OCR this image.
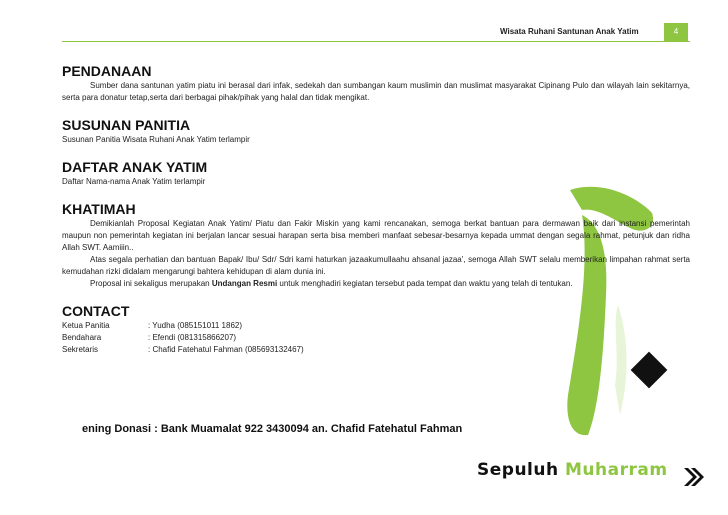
Wisata Ruhani Santunan Anak Yatim	4
PENDANAAN

Sumber dana santunan yatim piatu ini berasal dari infak, sedekah dan sumbangan kaum muslimin dan muslimat masyarakat Cipinang Pulo dan wilayah lain sekitarnya, serta para donatur tetap,serta dari berbagai pihak/pihak yang halal dan tidak mengikat.

SUSUNAN PANITIA

Susunan Panitia Wisata Ruhani Anak Yatim terlampir

DAFTAR ANAK YATIM

Daftar Nama-nama Anak Yatim terlampir

KHATIMAH

Demikianlah Proposal Kegiatan Anak Yatim/ Piatu dan Fakir Miskin yang kami rencanakan, semoga berkat bantuan para dermawan baik dari instansi pemerintah maupun non pemerintah kegiatan ini berjalan lancar sesuai harapan serta bisa memberi manfaat sebesar-besarnya kepada ummat dengan segala rahmat, petunjuk dan ridha Allah SWT. Aamiiin..

Atas segala perhatian dan bantuan Bapak/ Ibu/ Sdr/ Sdri kami haturkan jazaakumullaahu ahsanal jazaa', semoga Allah SWT selalu memberikan limpahan rahmat serta kemudahan rizki didalam mengarungi bahtera kehidupan di alam dunia ini.

Proposal ini sekaligus merupakan Undangan Resmi untuk menghadiri kegiatan tersebut pada tempat dan waktu yang telah di tentukan.

CONTACT
Ketua Panitia	: Yudha (085151011 1862)
Bendahara	: Efendi (081315866207)
Sekretaris	: Chafid Fatehatul Fahman (085693132467)
ening Donasi : Bank Muamalat 922 3430094 an. Chafid Fatehatul Fahman
Sepuluh Muharram
